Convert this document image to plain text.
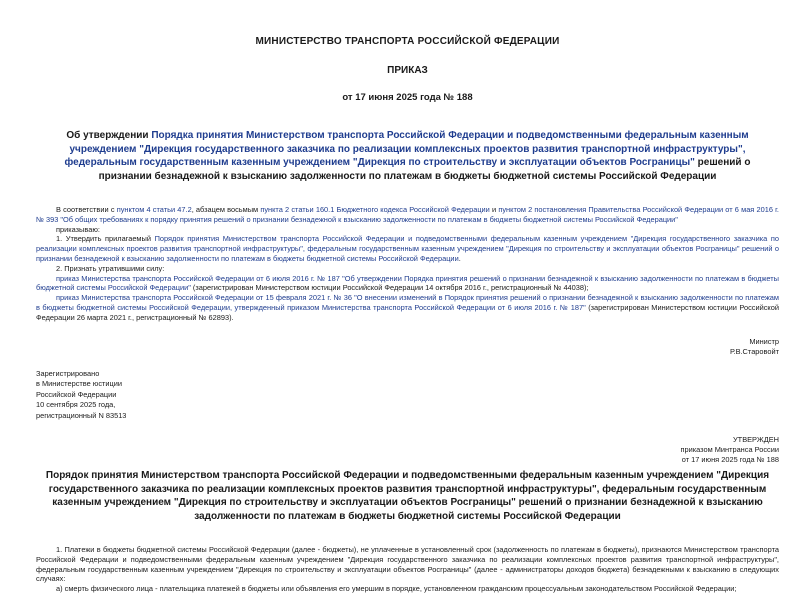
МИНИСТЕРСТВО ТРАНСПОРТА РОССИЙСКОЙ ФЕДЕРАЦИИ
ПРИКАЗ
от 17 июня 2025 года № 188
Об утверждении Порядка принятия Министерством транспорта Российской Федерации и подведомственными федеральным казенным учреждением "Дирекция государственного заказчика по реализации комплексных проектов развития транспортной инфраструктуры", федеральным государственным казенным учреждением "Дирекция по строительству и эксплуатации объектов Росграницы" решений о признании безнадежной к взысканию задолженности по платежам в бюджеты бюджетной системы Российской Федерации
В соответствии с пунктом 4 статьи 47.2, абзацем восьмым пункта 2 статьи 160.1 Бюджетного кодекса Российской Федерации и пунктом 2 постановления Правительства Российской Федерации от 6 мая 2016 г. № 393 "Об общих требованиях к порядку принятия решений о признании безнадежной к взысканию задолженности по платежам в бюджеты бюджетной системы Российской Федерации"
приказываю:
1. Утвердить прилагаемый Порядок принятия Министерством транспорта Российской Федерации и подведомственными федеральным казенным учреждением "Дирекция государственного заказчика по реализации комплексных проектов развития транспортной инфраструктуры", федеральным государственным казенным учреждением "Дирекция по строительству и эксплуатации объектов Росграницы" решений о признании безнадежной к взысканию задолженности по платежам в бюджеты бюджетной системы Российской Федерации.
2. Признать утратившими силу:
приказ Министерства транспорта Российской Федерации от 6 июля 2016 г. № 187 "Об утверждении Порядка принятия решений о признании безнадежной к взысканию задолженности по платежам в бюджеты бюджетной системы Российской Федерации" (зарегистрирован Министерством юстиции Российской Федерации 14 октября 2016 г., регистрационный № 44038);
приказ Министерства транспорта Российской Федерации от 15 февраля 2021 г. № 36 "О внесении изменений в Порядок принятия решений о признании безнадежной к взысканию задолженности по платежам в бюджеты бюджетной системы Российской Федерации, утвержденный приказом Министерства транспорта Российской Федерации от 6 июля 2016 г. № 187" (зарегистрирован Министерством юстиции Российской Федерации 26 марта 2021 г., регистрационный № 62893).
Министр
Р.В.Старовойт
Зарегистрировано
в Министерстве юстиции
Российской Федерации
10 сентября 2025 года,
регистрационный N 83513
УТВЕРЖДЕН
приказом Минтранса России
от 17 июня 2025 года № 188
Порядок принятия Министерством транспорта Российской Федерации и подведомственными федеральным казенным учреждением "Дирекция государственного заказчика по реализации комплексных проектов развития транспортной инфраструктуры", федеральным государственным казенным учреждением "Дирекция по строительству и эксплуатации объектов Росграницы" решений о признании безнадежной к взысканию задолженности по платежам в бюджеты бюджетной системы Российской Федерации
1. Платежи в бюджеты бюджетной системы Российской Федерации (далее - бюджеты), не уплаченные в установленный срок (задолженность по платежам в бюджеты), признаются Министерством транспорта Российской Федерации и подведомственными федеральным казенным учреждением "Дирекция государственного заказчика по реализации комплексных проектов развития транспортной инфраструктуры", федеральным государственным казенным учреждением "Дирекция по строительству и эксплуатации объектов Росграницы" (далее - администраторы доходов бюджета) безнадежными к взысканию в следующих случаях:
а) смерть физического лица - плательщика платежей в бюджеты или объявления его умершим в порядке, установленном гражданским процессуальным законодательством Российской Федерации;
